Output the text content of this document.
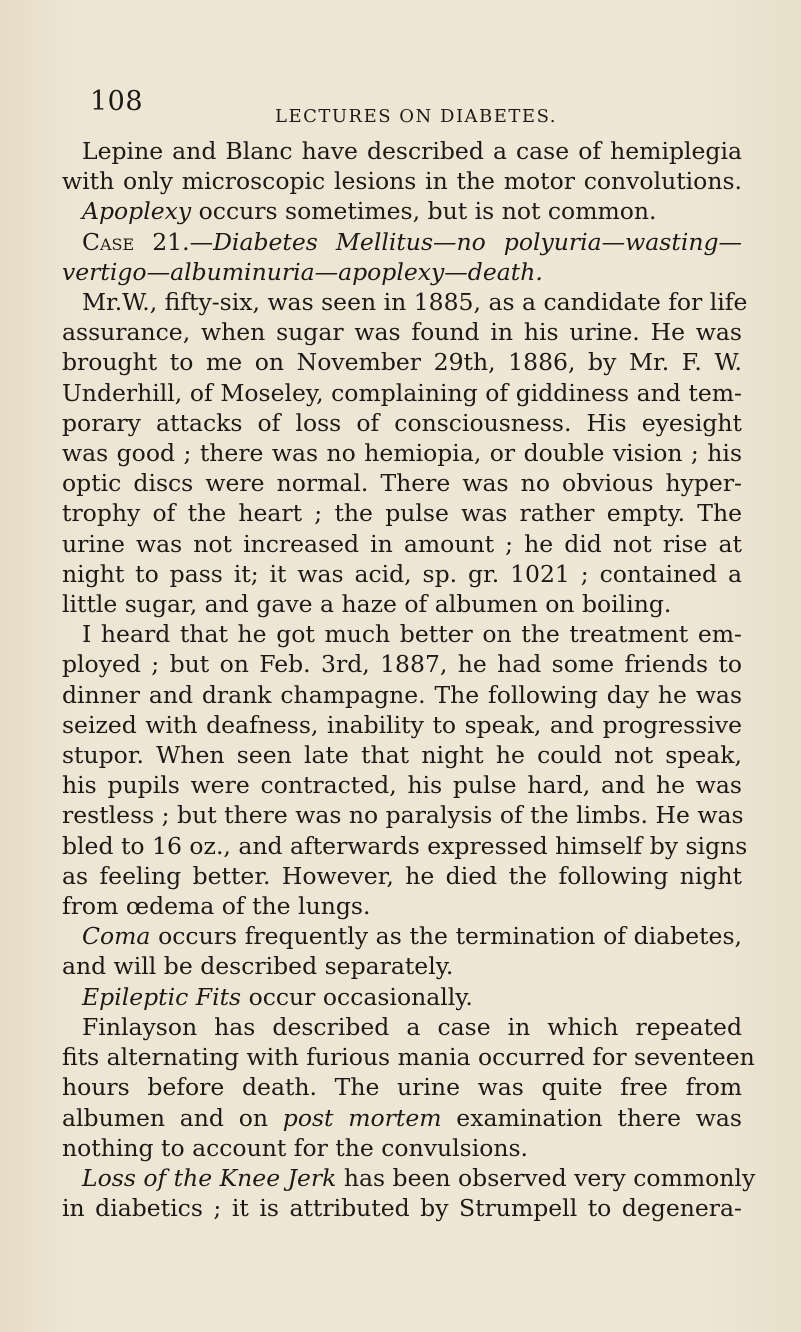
108	LECTURES ON DIABETES.
Lepine and Blanc have described a case of hemiplegia
with only microscopic lesions in the motor convolutions.
Apoplexy occurs sometimes, but is not common.
Case 21.—Diabetes Mellitus—no polyuria—wasting—
vertigo—albuminuria—apoplexy—death.
Mr.W., fifty-six, was seen in 1885, as a candidate for life
assurance, when sugar was found in his urine. He was
brought to me on November 29th, 1886, by Mr. F. W.
Underhill, of Moseley, complaining of giddiness and tem-
porary attacks of loss of consciousness. His eyesight
was good ; there was no hemiopia, or double vision ; his
optic discs were normal. There was no obvious hyper-
trophy of the heart ; the pulse was rather empty. The
urine was not increased in amount ; he did not rise at
night to pass it; it was acid, sp. gr. 1021 ; contained a
little sugar, and gave a haze of albumen on boiling.
I heard that he got much better on the treatment em-
ployed ; but on Feb. 3rd, 1887, he had some friends to
dinner and drank champagne. The following day he was
seized with deafness, inability to speak, and progressive
stupor. When seen late that night he could not speak,
his pupils were contracted, his pulse hard, and he was
restless ; but there was no paralysis of the limbs. He was
bled to 16 oz., and afterwards expressed himself by signs
as feeling better. However, he died the following night
from œdema of the lungs.
Coma occurs frequently as the termination of diabetes,
and will be described separately.
Epileptic Fits occur occasionally.
Finlayson has described a case in which repeated
fits alternating with furious mania occurred for seventeen
hours before death. The urine was quite free from
albumen and on post mortem examination there was
nothing to account for the convulsions.
Loss of the Knee Jerk has been observed very commonly
in diabetics ; it is attributed by Strumpell to degenera-
